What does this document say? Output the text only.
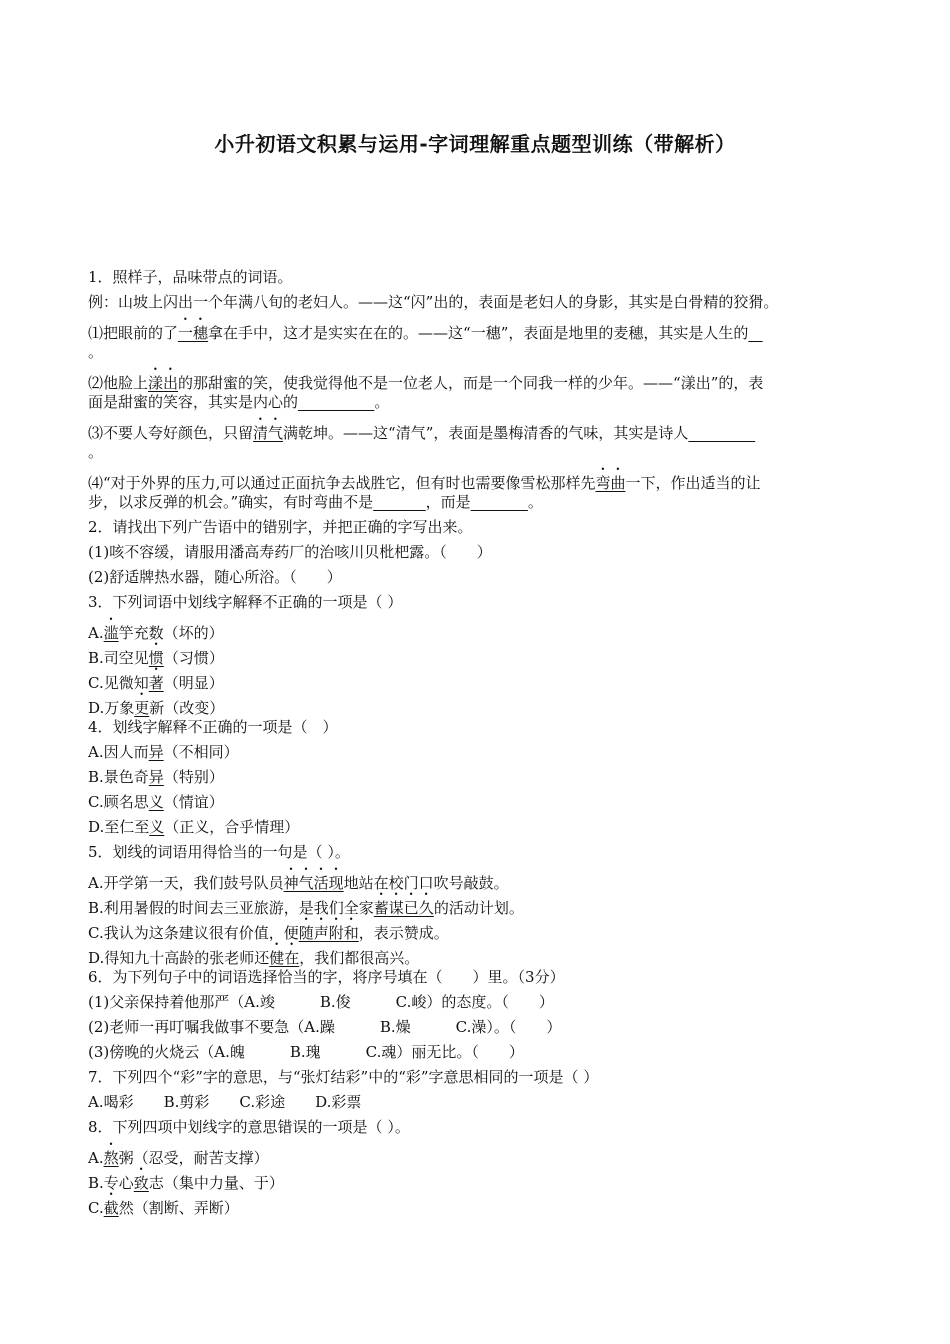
小升初语文积累与运用-字词理解重点题型训练（带解析）
1．照样子，品味带点的词语。
例：山坡上闪出一个年满八旬的老妇人。——这“闪”出的，表面是老妇人的身影，其实是白骨精的狡猾。
⑴把眼前的了一穗拿在手中，这才是实实在在的。——这“一穗”，表面是地里的麦穗，其实是人生的
。
⑵他脸上漾出的那甜蜜的笑，使我觉得他不是一位老人，而是一个同我一样的少年。——“漾出”的，表
面是甜蜜的笑容，其实是内心的	。
⑶不要人夸好颜色，只留清气满乾坤。——这“清气”，表面是墨梅清香的气味，其实是诗人
。
⑷“对于外界的压力,可以通过正面抗争去战胜它，但有时也需要像雪松那样先弯曲一下，作出适当的让
步，以求反弹的机会。”确实，有时弯曲不是	，而是	。
2．请找出下列广告语中的错别字，并把正确的字写出来。
(1)咳不容缓，请服用潘高寿药厂的治咳川贝枇杷露。（　　）
(2)舒适牌热水器，随心所浴。（　　）
3．下列词语中划线字解释不正确的一项是（ ）
A.滥竽充数（坏的）
B.司空见惯（习惯）
C.见微知著（明显）
D.万象更新（改变）
4．划线字解释不正确的一项是（　）
A.因人而异（不相同）
B.景色奇异（特别）
C.顾名思义（情谊）
D.至仁至义（正义，合乎情理）
5．划线的词语用得恰当的一句是（ ）。
A.开学第一天，我们鼓号队员神气活现地站在校门口吹号敲鼓。
B.利用暑假的时间去三亚旅游，是我们全家蓄谋已久的活动计划。
C.我认为这条建议很有价值，便随声附和，表示赞成。
D.得知九十高龄的张老师还健在，我们都很高兴。
6．为下列句子中的词语选择恰当的字，将序号填在（　　）里。（3分）
(1)父亲保持着他那严（A.竣　　　B.俊　　　C.峻）的态度。（　　）
(2)老师一再叮嘱我做事不要急（A.躁　　　B.燥　　　C.澡）。（　　）
(3)傍晚的火烧云（A.魄　　　B.瑰　　　C.魂）丽无比。（　　）
7．下列四个“彩”字的意思，与“张灯结彩”中的“彩”字意思相同的一项是（ ）
A.喝彩　　B.剪彩　　C.彩途　　D.彩票
8．下列四项中划线字的意思错误的一项是（ ）。
A.熬粥（忍受，耐苦支撑）
B.专心致志（集中力量、于）
C.截然（割断、弄断）
